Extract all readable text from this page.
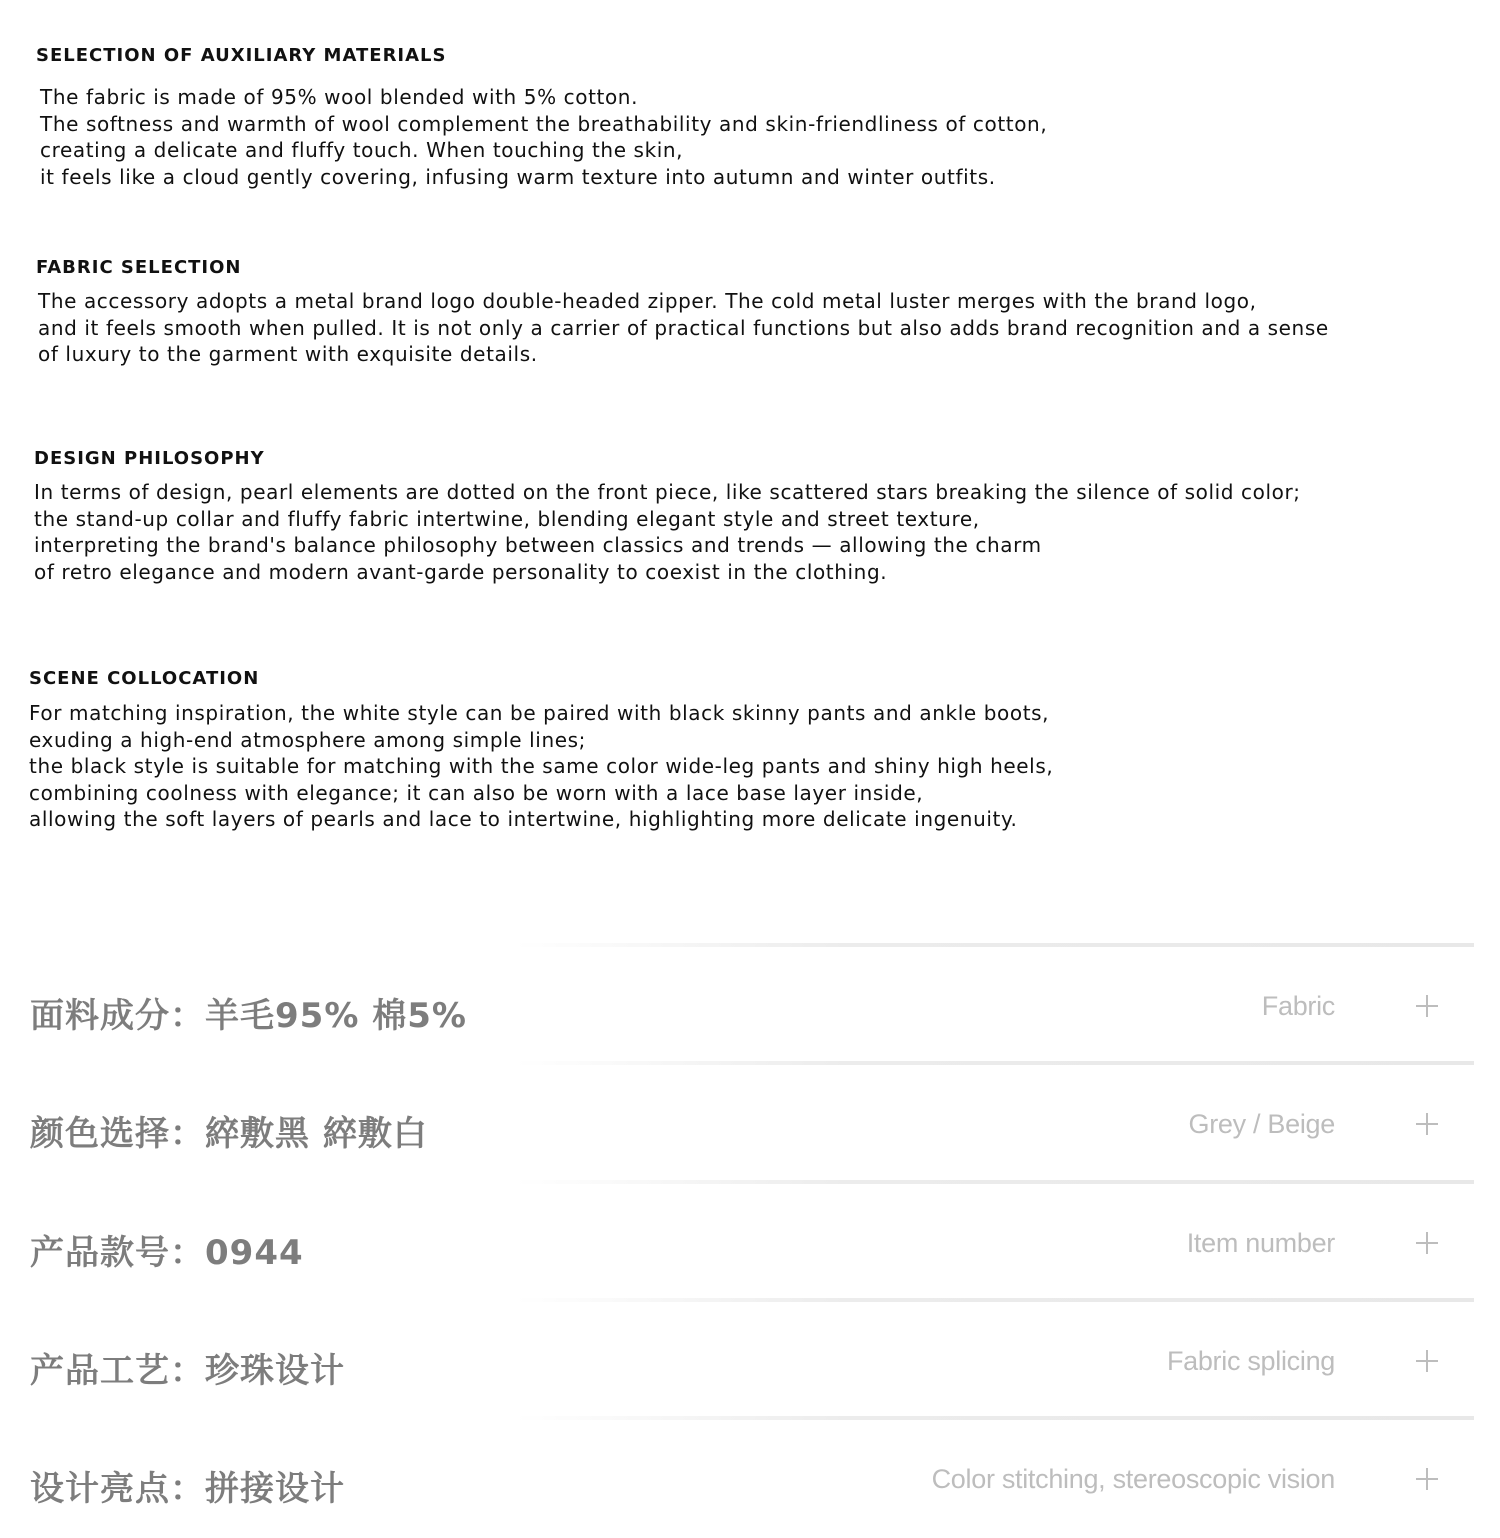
SELECTION OF AUXILIARY MATERIALS
The fabric is made of 95% wool blended with 5% cotton.
The softness and warmth of wool complement the breathability and skin-friendliness of cotton,
creating a delicate and fluffy touch. When touching the skin,
it feels like a cloud gently covering, infusing warm texture into autumn and winter outfits.
FABRIC SELECTION
The accessory adopts a metal brand logo double-headed zipper. The cold metal luster merges with the brand logo,
and it feels smooth when pulled. It is not only a carrier of practical functions but also adds brand recognition and a sense
of luxury to the garment with exquisite details.
DESIGN PHILOSOPHY
In terms of design, pearl elements are dotted on the front piece, like scattered stars breaking the silence of solid color;
the stand-up collar and fluffy fabric intertwine, blending elegant style and street texture,
interpreting the brand's balance philosophy between classics and trends — allowing the charm
of retro elegance and modern avant-garde personality to coexist in the clothing.
SCENE COLLOCATION
For matching inspiration, the white style can be paired with black skinny pants and ankle boots,
exuding a high-end atmosphere among simple lines;
the black style is suitable for matching with the same color wide-leg pants and shiny high heels,
combining coolness with elegance; it can also be worn with a lace base layer inside,
allowing the soft layers of pearls and lace to intertwine, highlighting more delicate ingenuity.
面料成分：羊毛95% 棉5%	Fabric
颜色选择：綷敷黑 綷敷白	Grey / Beige
产品款号：0944	Item number
产品工艺：珍珠设计	Fabric splicing
设计亮点：拼接设计	Color stitching, stereoscopic vision
